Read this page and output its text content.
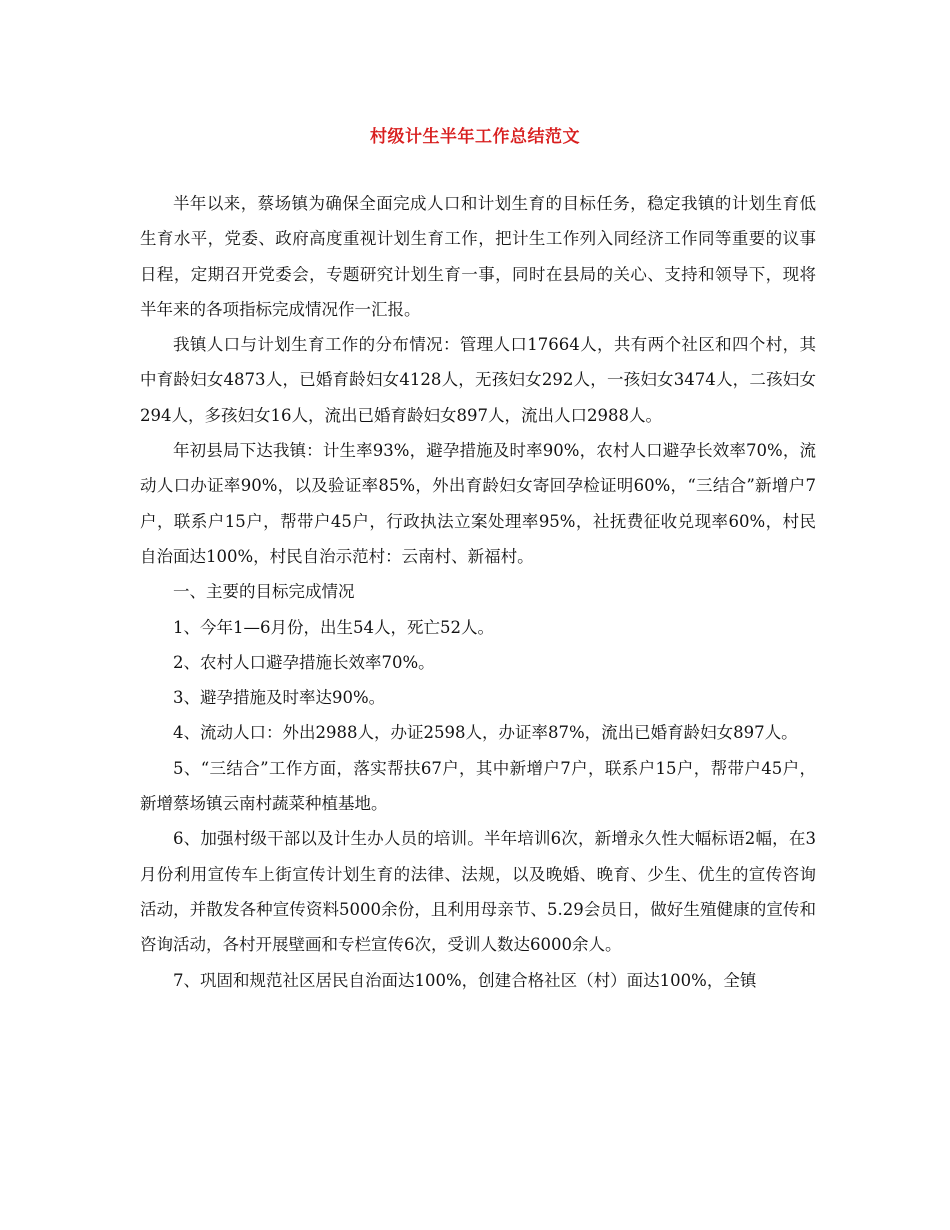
村级计生半年工作总结范文

半年以来，蔡场镇为确保全面完成人口和计划生育的目标任务，稳定我镇的计划生育低生育水平，党委、政府高度重视计划生育工作，把计生工作列入同经济工作同等重要的议事日程，定期召开党委会，专题研究计划生育一事，同时在县局的关心、支持和领导下，现将半年来的各项指标完成情况作一汇报。

我镇人口与计划生育工作的分布情况：管理人口17664人，共有两个社区和四个村，其中育龄妇女4873人，已婚育龄妇女4128人，无孩妇女292人，一孩妇女3474人，二孩妇女294人，多孩妇女16人，流出已婚育龄妇女897人，流出人口2988人。

年初县局下达我镇：计生率93%，避孕措施及时率90%，农村人口避孕长效率70%，流动人口办证率90%，以及验证率85%，外出育龄妇女寄回孕检证明60%，“三结合”新增户7户，联系户15户，帮带户45户，行政执法立案处理率95%，社抚费征收兑现率60%，村民自治面达100%，村民自治示范村：云南村、新福村。

一、主要的目标完成情况

1、今年1—6月份，出生54人，死亡52人。

2、农村人口避孕措施长效率70%。

3、避孕措施及时率达90%。

4、流动人口：外出2988人，办证2598人，办证率87%，流出已婚育龄妇女897人。

5、“三结合”工作方面，落实帮扶67户，其中新增户7户，联系户15户，帮带户45户，新增蔡场镇云南村蔬菜种植基地。

6、加强村级干部以及计生办人员的培训。半年培训6次，新增永久性大幅标语2幅，在3月份利用宣传车上街宣传计划生育的法律、法规，以及晚婚、晚育、少生、优生的宣传咨询活动，并散发各种宣传资料5000余份，且利用母亲节、5.29会员日，做好生殖健康的宣传和咨询活动，各村开展壁画和专栏宣传6次，受训人数达6000余人。

7、巩固和规范社区居民自治面达100%，创建合格社区（村）面达100%，全镇
